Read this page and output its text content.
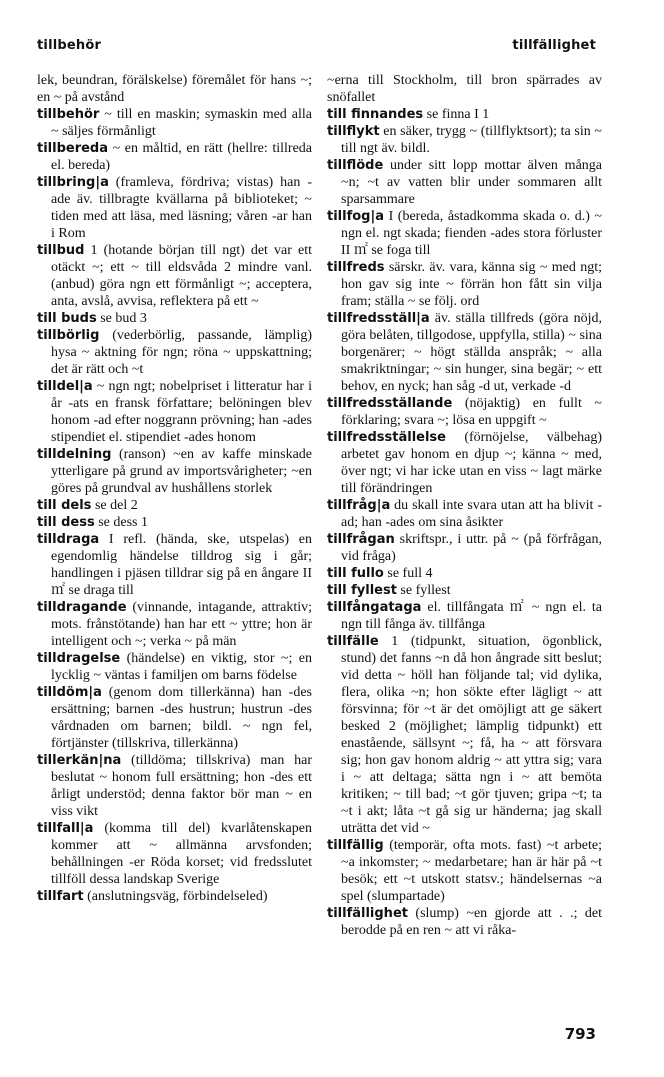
tillbehör	tillfällighet

lek, beundran, förälskelse) föremålet för hans ~; en ~ på avstånd

tillbehör ~ till en maskin; symaskin med alla ~ säljes förmånligt

tillbereda ~ en måltid, en rätt (hellre: tillreda el. bereda)

tillbring|a (framleva, fördriva; vistas) han -ade äv. tillbragte kvällarna på biblioteket; ~ tiden med att läsa, med läsning; våren -ar han i Rom

tillbud 1 (hotande början till ngt) det var ett otäckt ~; ett ~ till eldsvåda 2 mindre vanl. (anbud) göra ngn ett förmånligt ~; acceptera, anta, avslå, avvisa, reflektera på ett ~

till buds se bud 3

tillbörlig (vederbörlig, passande, lämplig) hysa ~ aktning för ngn; röna ~ uppskattning; det är rätt och ~t

tilldel|a ~ ngn ngt; nobelpriset i litteratur har i år -ats en fransk författare; belöningen blev honom -ad efter noggrann prövning; han -ades stipendiet el. stipendiet -ades honom

tilldelning (ranson) ~en av kaffe minskade ytterligare på grund av importsvårigheter; ~en göres på grundval av hushållens storlek

till dels se del 2

till dess se dess 1

tilldraga I refl. (hända, ske, utspelas) en egendomlig händelse tilldrog sig i går; handlingen i pjäsen tilldrar sig på en ångare II ㎡ se draga till

tilldragande (vinnande, intagande, attraktiv; mots. frånstötande) han har ett ~ yttre; hon är intelligent och ~; verka ~ på män

tilldragelse (händelse) en viktig, stor ~; en lycklig ~ väntas i familjen om barns födelse

tilldöm|a (genom dom tillerkänna) han -des ersättning; barnen -des hustrun; hustrun -des vårdnaden om barnen; bildl. ~ ngn fel, förtjänster (tillskriva, tillerkänna)

tillerkän|na (tilldöma; tillskriva) man har beslutat ~ honom full ersättning; hon -des ett årligt understöd; denna faktor bör man ~ en viss vikt

tillfall|a (komma till del) kvarlåtenskapen kommer att ~ allmänna arvsfonden; behållningen -er Röda korset; vid fredsslutet tillföll dessa landskap Sverige

tillfart (anslutningsväg, förbindelseled)

~erna till Stockholm, till bron spärrades av snöfallet

till finnandes se finna I 1

tillflykt en säker, trygg ~ (tillflyktsort); ta sin ~ till ngt äv. bildl.

tillflöde under sitt lopp mottar älven många ~n; ~t av vatten blir under sommaren allt sparsammare

tillfog|a I (bereda, åstadkomma skada o. d.) ~ ngn el. ngt skada; fienden -ades stora förluster II ㎡ se foga till

tillfreds särskr. äv. vara, känna sig ~ med ngt; hon gav sig inte ~ förrän hon fått sin vilja fram; ställa ~ se följ. ord

tillfredsställ|a äv. ställa tillfreds (göra nöjd, göra belåten, tillgodose, uppfylla, stilla) ~ sina borgenärer; ~ högt ställda anspråk; ~ alla smakriktningar; ~ sin hunger, sina begär; ~ ett behov, en nyck; han såg -d ut, verkade -d

tillfredsställande (nöjaktig) en fullt ~ förklaring; svara ~; lösa en uppgift ~

tillfredsställelse (förnöjelse, välbehag) arbetet gav honom en djup ~; känna ~ med, över ngt; vi har icke utan en viss ~ lagt märke till förändringen

tillfråg|a du skall inte svara utan att ha blivit -ad; han -ades om sina åsikter

tillfrågan skriftspr., i uttr. på ~ (på förfrågan, vid fråga)

till fullo se full 4

till fyllest se fyllest

tillfångataga el. tillfångata ㎡ ~ ngn el. ta ngn till fånga äv. tillfånga

tillfälle 1 (tidpunkt, situation, ögonblick, stund) det fanns ~n då hon ångrade sitt beslut; vid detta ~ höll han följande tal; vid dylika, flera, olika ~n; hon sökte efter lägligt ~ att försvinna; för ~t är det omöjligt att ge säkert besked 2 (möjlighet; lämplig tidpunkt) ett enastående, sällsynt ~; få, ha ~ att försvara sig; hon gav honom aldrig ~ att yttra sig; vara i ~ att deltaga; sätta ngn i ~ att bemöta kritiken; ~ till bad; ~t gör tjuven; gripa ~t; ta ~t i akt; låta ~t gå sig ur händerna; jag skall uträtta det vid ~

tillfällig (temporär, ofta mots. fast) ~t arbete; ~a inkomster; ~ medarbetare; han är här på ~t besök; ett ~t utskott statsv.; händelsernas ~a spel (slumpartade)

tillfällighet (slump) ~en gjorde att . .; det berodde på en ren ~ att vi råka-

793
